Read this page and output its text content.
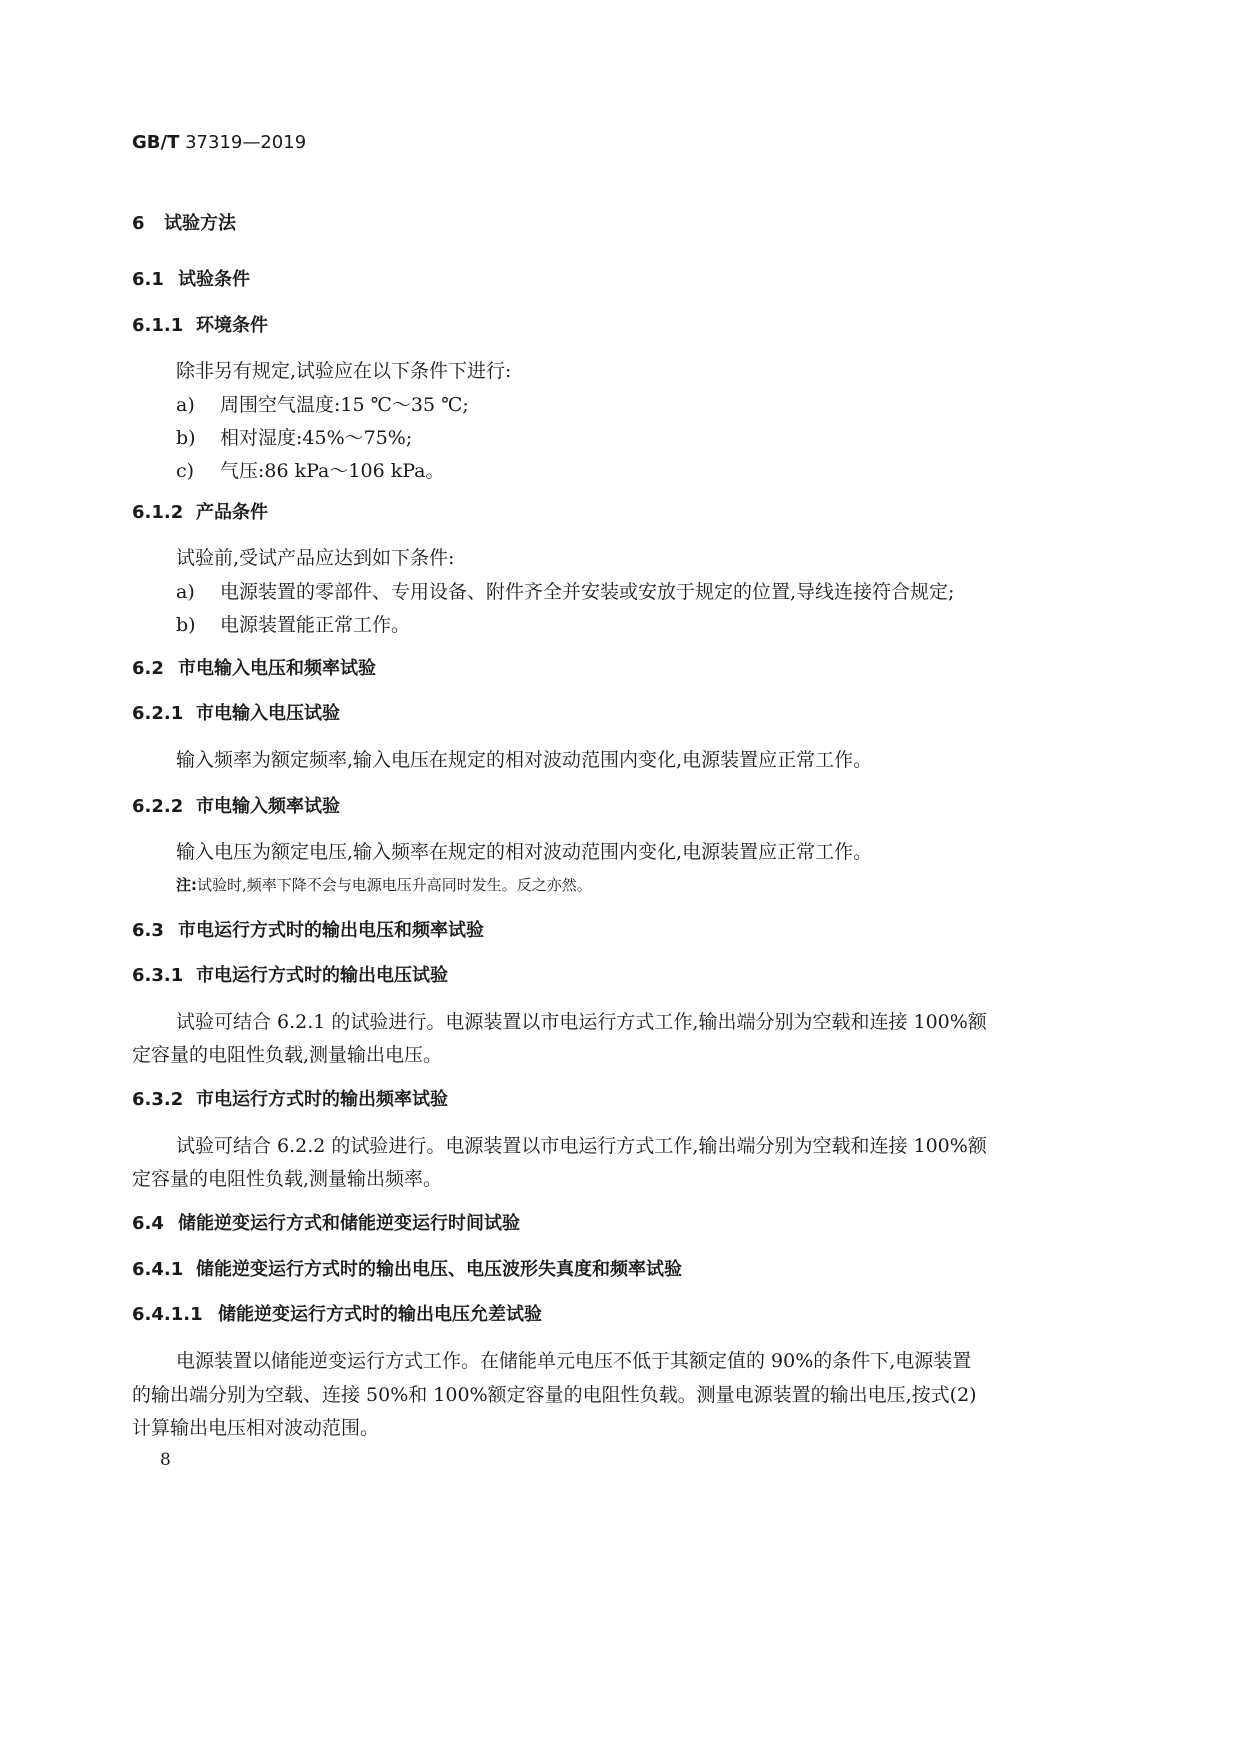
GB/T 37319—2019
6 试验方法
6.1 试验条件
6.1.1 环境条件
除非另有规定,试验应在以下条件下进行:
a) 周围空气温度:15 ℃～35 ℃;
b) 相对湿度:45%～75%;
c) 气压:86 kPa～106 kPa。
6.1.2 产品条件
试验前,受试产品应达到如下条件:
a) 电源装置的零部件、专用设备、附件齐全并安装或安放于规定的位置,导线连接符合规定;
b) 电源装置能正常工作。
6.2 市电输入电压和频率试验
6.2.1 市电输入电压试验
输入频率为额定频率,输入电压在规定的相对波动范围内变化,电源装置应正常工作。
6.2.2 市电输入频率试验
输入电压为额定电压,输入频率在规定的相对波动范围内变化,电源装置应正常工作。
注:试验时,频率下降不会与电源电压升高同时发生。反之亦然。
6.3 市电运行方式时的输出电压和频率试验
6.3.1 市电运行方式时的输出电压试验
试验可结合 6.2.1 的试验进行。电源装置以市电运行方式工作,输出端分别为空载和连接 100%额
定容量的电阻性负载,测量输出电压。
6.3.2 市电运行方式时的输出频率试验
试验可结合 6.2.2 的试验进行。电源装置以市电运行方式工作,输出端分别为空载和连接 100%额
定容量的电阻性负载,测量输出频率。
6.4 储能逆变运行方式和储能逆变运行时间试验
6.4.1 储能逆变运行方式时的输出电压、电压波形失真度和频率试验
6.4.1.1 储能逆变运行方式时的输出电压允差试验
电源装置以储能逆变运行方式工作。在储能单元电压不低于其额定值的 90%的条件下,电源装置
的输出端分别为空载、连接 50%和 100%额定容量的电阻性负载。测量电源装置的输出电压,按式(2)
计算输出电压相对波动范围。
8
